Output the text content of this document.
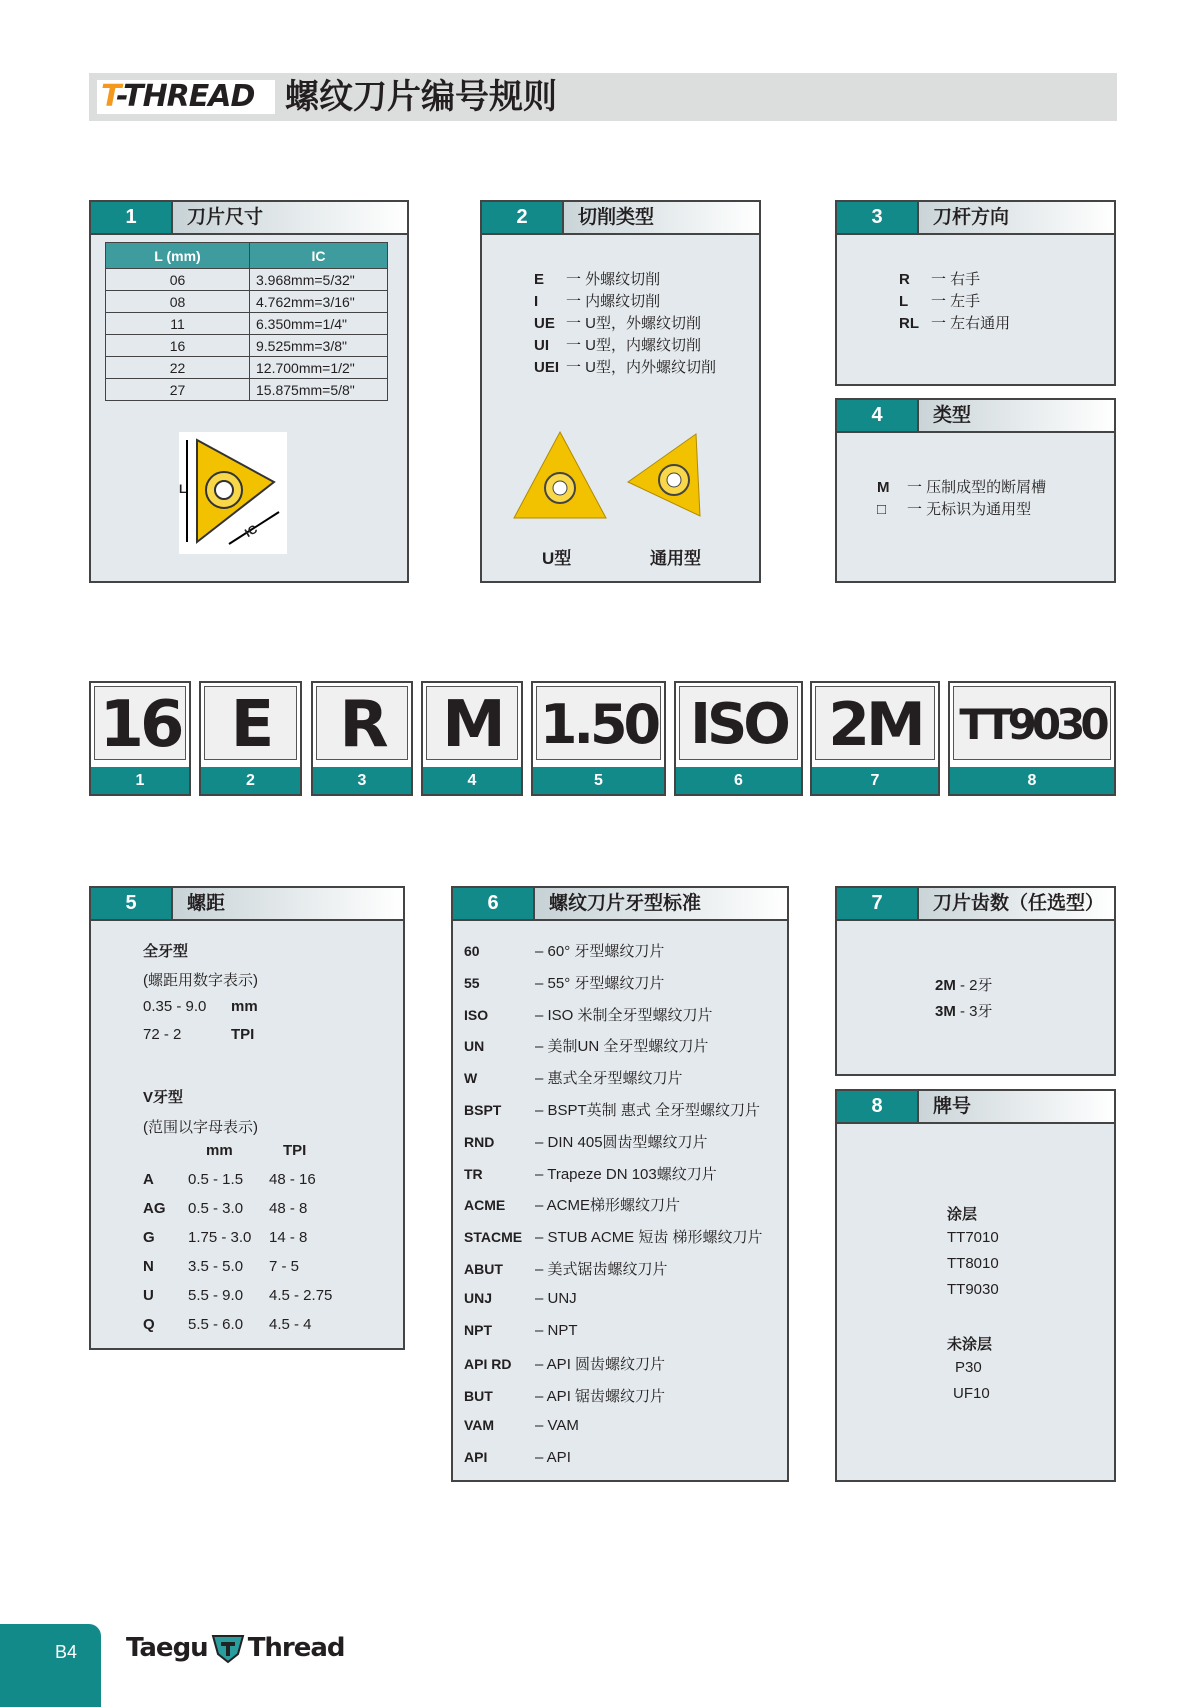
T-THREAD 螺纹刀片编号规则
1	刀片尺寸
L (mm)	IC
06	3.968mm=5/32"
08	4.762mm=3/16"
11	6.350mm=1/4"
16	9.525mm=3/8"
22	12.700mm=1/2"
27	15.875mm=5/8"
L
IC
2	切削类型
E 一 外螺纹切削
I 一 内螺纹切削
UE 一 U型，外螺纹切削
UI 一 U型，内螺纹切削
UEI 一 U型，内外螺纹切削
U型	通用型
3	刀杆方向
R 一 右手
L 一 左手
RL 一 左右通用
4	类型
M 一 压制成型的断屑槽
□ 一 无标识为通用型
16
1
E
2
R
3
M
4
1.50
5
ISO
6
2M
7
TT9030
8
5	螺距
全牙型
(螺距用数字表示)
0.35 - 9.0 mm
72 - 2	TPI
V牙型
(范围以字母表示)
mm	TPI
A 0.5 - 1.5 48 - 16
AG 0.5 - 3.0 48 - 8
G 1.75 - 3.0 14 - 8
N 3.5 - 5.0 7 - 5
U 5.5 - 9.0 4.5 - 2.75
Q 5.5 - 6.0 4.5 - 4
6	螺纹刀片牙型标准
60	– 60° 牙型螺纹刀片
55	– 55° 牙型螺纹刀片
ISO	– ISO 米制全牙型螺纹刀片
UN	– 美制UN 全牙型螺纹刀片
W	– 惠式全牙型螺纹刀片
BSPT – BSPT英制 惠式 全牙型螺纹刀片
RND	– DIN 405圆齿型螺纹刀片
TR	– Trapeze DN 103螺纹刀片
ACME – ACME梯形螺纹刀片
STACME – STUB ACME 短齿 梯形螺纹刀片
ABUT – 美式锯齿螺纹刀片
UNJ	– UNJ
NPT	– NPT
API RD – API 圆齿螺纹刀片
BUT	– API 锯齿螺纹刀片
VAM	– VAM
API	– API
7	刀片齿数（任选型）
2M - 2牙
3M - 3牙
8	牌号
涂层
TT7010
TT8010
TT9030
未涂层
P30
UF10
B4	Taegu Thread
